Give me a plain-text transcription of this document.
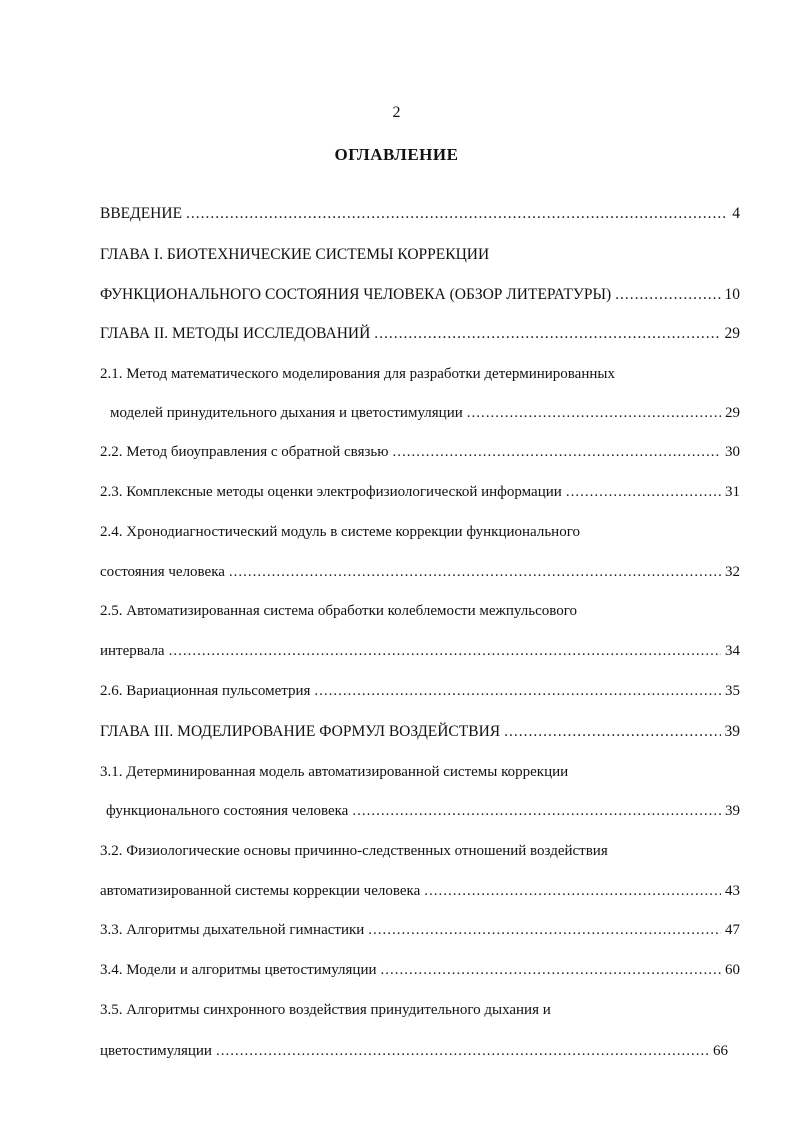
2
ОГЛАВЛЕНИЕ
ВВЕДЕНИЕ .....	4
ГЛАВА I. БИОТЕХНИЧЕСКИЕ СИСТЕМЫ КОРРЕКЦИИ
ФУНКЦИОНАЛЬНОГО СОСТОЯНИЯ ЧЕЛОВЕКА (ОБЗОР ЛИТЕРАТУРЫ) .....	10
ГЛАВА II. МЕТОДЫ ИССЛЕДОВАНИЙ .....	29
2.1. Метод математического моделирования для разработки детерминированных
моделей принудительного дыхания и цветостимуляции .....	29
2.2. Метод биоуправления с обратной связью .....	30
2.3. Комплексные методы оценки электрофизиологической информации .....	31
2.4. Хронодиагностический модуль в системе коррекции функционального
состояния человека .....	32
2.5. Автоматизированная система обработки колеблемости межпульсового
интервала .....	34
2.6. Вариационная пульсометрия .....	35
ГЛАВА III. МОДЕЛИРОВАНИЕ ФОРМУЛ ВОЗДЕЙСТВИЯ .....	39
3.1. Детерминированная модель автоматизированной системы коррекции
функционального состояния человека .....	39
3.2. Физиологические основы причинно-следственных отношений воздействия
автоматизированной системы коррекции человека .....	43
3.3. Алгоритмы дыхательной гимнастики .....	47
3.4. Модели и алгоритмы цветостимуляции .....	60
3.5. Алгоритмы синхронного воздействия принудительного дыхания и
цветостимуляции .....	66
